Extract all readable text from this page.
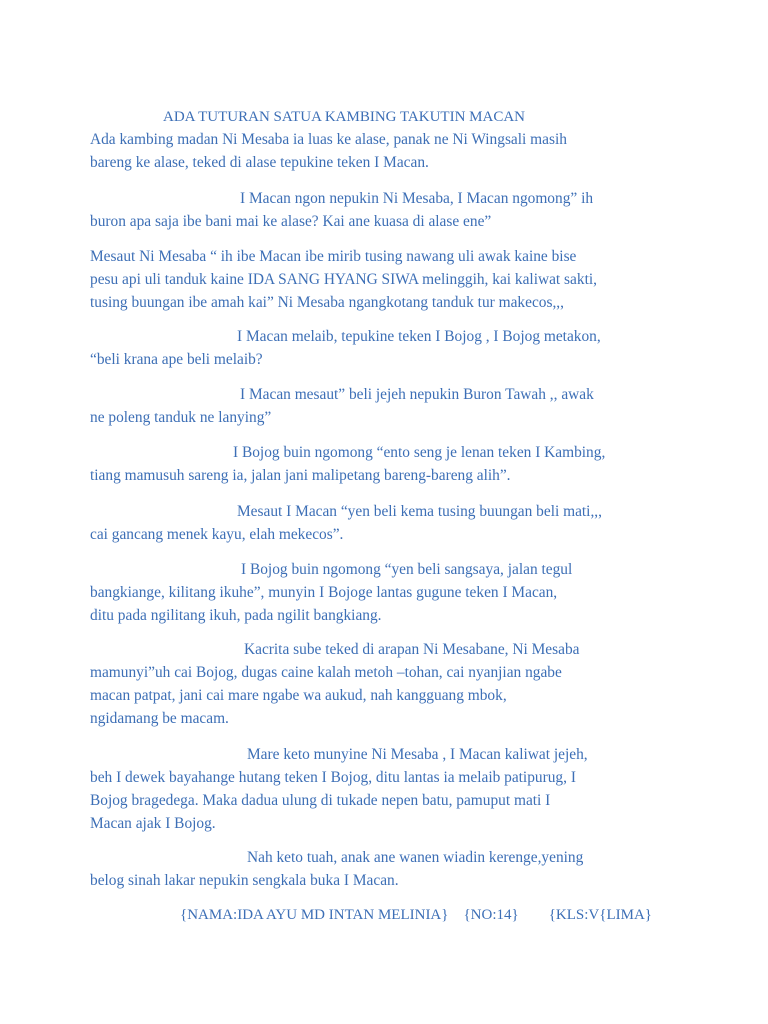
ADA TUTURAN SATUA KAMBING TAKUTIN MACAN
Ada kambing madan Ni Mesaba ia luas ke alase, panak ne Ni Wingsali masih
bareng ke alase, teked di alase tepukine teken I Macan.
I Macan ngon nepukin Ni Mesaba, I Macan ngomong” ih
buron apa saja ibe bani mai ke alase? Kai ane kuasa di alase ene”
Mesaut Ni Mesaba “ ih ibe Macan ibe mirib tusing nawang uli awak kaine bise
pesu api uli tanduk kaine IDA SANG HYANG SIWA melinggih, kai kaliwat sakti,
tusing buungan ibe amah kai” Ni Mesaba ngangkotang tanduk tur makecos,,,
I Macan melaib, tepukine teken I Bojog , I Bojog metakon,
“beli krana ape beli melaib?
I Macan mesaut” beli jejeh nepukin Buron Tawah ,, awak
ne poleng tanduk ne lanying”
I Bojog buin ngomong “ento seng je lenan teken I Kambing,
tiang mamusuh sareng ia, jalan jani malipetang bareng-bareng alih”.
Mesaut I Macan “yen beli kema tusing buungan beli mati,,,
cai gancang menek kayu, elah mekecos”.
I Bojog buin ngomong “yen beli sangsaya, jalan tegul
bangkiange, kilitang ikuhe”, munyin I Bojoge lantas gugune teken I Macan,
ditu pada ngilitang ikuh, pada ngilit bangkiang.
Kacrita sube teked di arapan Ni Mesabane, Ni Mesaba
mamunyi”uh cai Bojog, dugas caine kalah metoh –tohan, cai nyanjian ngabe
macan patpat, jani cai mare ngabe wa aukud, nah kangguang mbok,
ngidamang be macam.
Mare keto munyine Ni Mesaba , I Macan kaliwat jejeh,
beh I dewek bayahange hutang teken I Bojog, ditu lantas ia melaib patipurug, I
Bojog bragedega. Maka dadua ulung di tukade nepen batu, pamuput mati I
Macan ajak I Bojog.
Nah keto tuah, anak ane wanen wiadin kerenge,yening
belog sinah lakar nepukin sengkala buka I Macan.
{NAMA:IDA AYU MD INTAN MELINIA} {NO:14} {KLS:V{LIMA}
